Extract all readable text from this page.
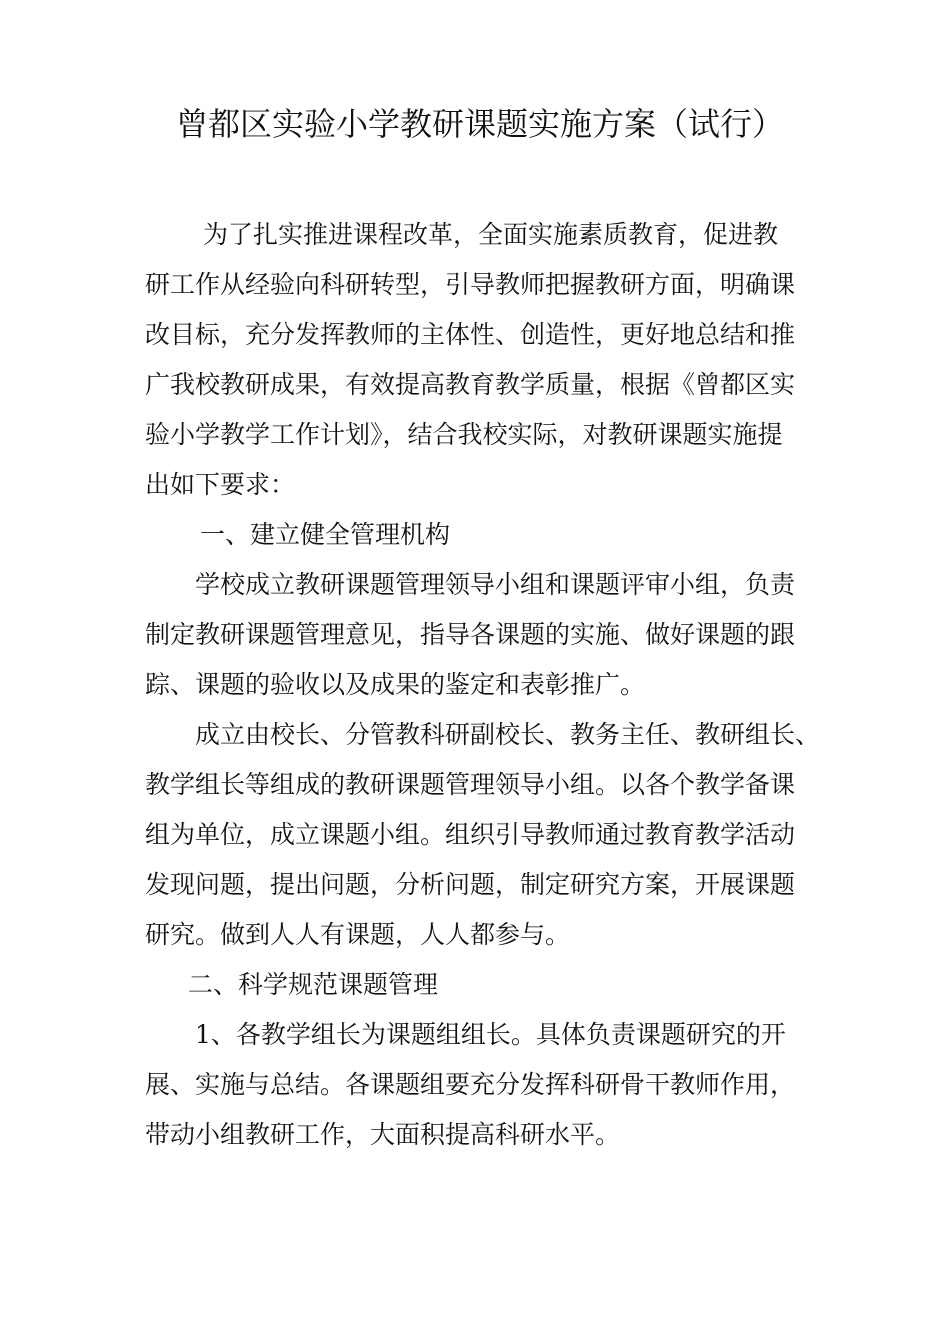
曾都区实验小学教研课题实施方案（试行）

为了扎实推进课程改革，全面实施素质教育，促进教

研工作从经验向科研转型，引导教师把握教研方面，明确课

改目标，充分发挥教师的主体性、创造性，更好地总结和推

广我校教研成果，有效提高教育教学质量，根据《曾都区实

验小学教学工作计划》，结合我校实际，对教研课题实施提

出如下要求：

一、建立健全管理机构

学校成立教研课题管理领导小组和课题评审小组，负责

制定教研课题管理意见，指导各课题的实施、做好课题的跟

踪、课题的验收以及成果的鉴定和表彰推广。

成立由校长、分管教科研副校长、教务主任、教研组长、

教学组长等组成的教研课题管理领导小组。以各个教学备课

组为单位，成立课题小组。组织引导教师通过教育教学活动

发现问题，提出问题，分析问题，制定研究方案，开展课题

研究。做到人人有课题，人人都参与。

二、科学规范课题管理

1、各教学组长为课题组组长。具体负责课题研究的开

展、实施与总结。各课题组要充分发挥科研骨干教师作用，

带动小组教研工作，大面积提高科研水平。
